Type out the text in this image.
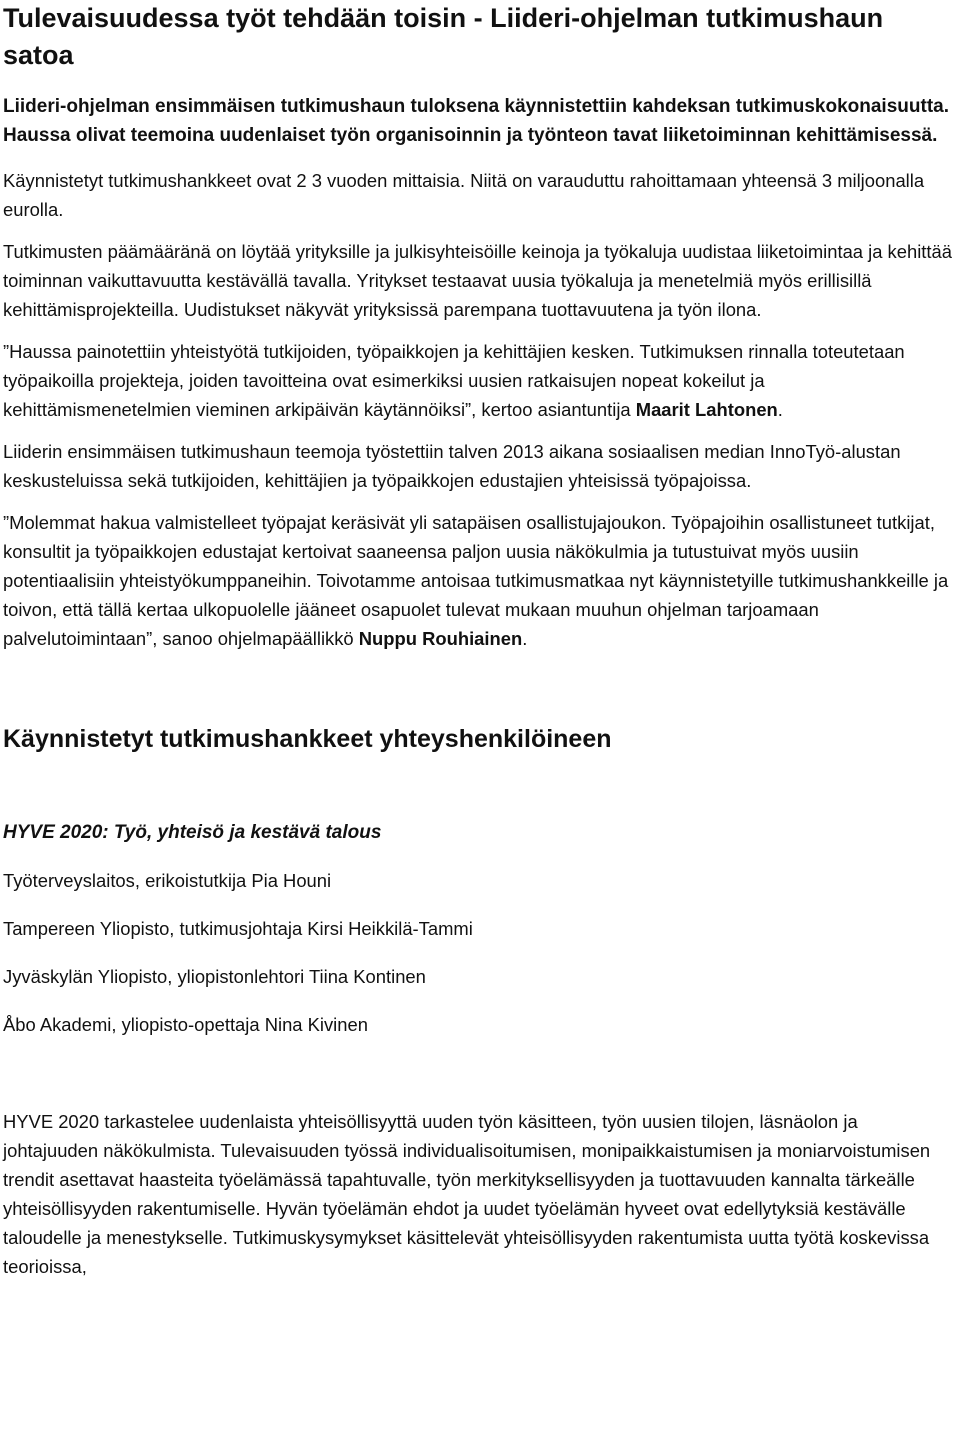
Tulevaisuudessa työt tehdään toisin - Liideri-ohjelman tutkimushaun satoa
Liideri-ohjelman ensimmäisen tutkimushaun tuloksena käynnistettiin kahdeksan tutkimuskokonaisuutta. Haussa olivat teemoina uudenlaiset työn organisoinnin ja työnteon tavat liiketoiminnan kehittämisessä.

Käynnistetyt tutkimushankkeet ovat 2 3 vuoden mittaisia. Niitä on varauduttu rahoittamaan yhteensä 3 miljoonalla eurolla.

Tutkimusten päämääränä on löytää yrityksille ja julkisyhteisöille keinoja ja työkaluja uudistaa liiketoimintaa ja kehittää toiminnan vaikuttavuutta kestävällä tavalla. Yritykset testaavat uusia työkaluja ja menetelmiä myös erillisillä kehittämisprojekteilla. Uudistukset näkyvät yrityksissä parempana tuottavuutena ja työn ilona.

”Haussa painotettiin yhteistyötä tutkijoiden, työpaikkojen ja kehittäjien kesken. Tutkimuksen rinnalla toteutetaan työpaikoilla projekteja, joiden tavoitteina ovat esimerkiksi uusien ratkaisujen nopeat kokeilut ja kehittämismenetelmien vieminen arkipäivän käytännöiksi”, kertoo asiantuntija Maarit Lahtonen.

Liiderin ensimmäisen tutkimushaun teemoja työstettiin talven 2013 aikana sosiaalisen median InnoTyö-alustan keskusteluissa sekä tutkijoiden, kehittäjien ja työpaikkojen edustajien yhteisissä työpajoissa.

”Molemmat hakua valmistelleet työpajat keräsivät yli satapäisen osallistujajoukon. Työpajoihin osallistuneet tutkijat, konsultit ja työpaikkojen edustajat kertoivat saaneensa paljon uusia näkökulmia ja tutustuivat myös uusiin potentiaalisiin yhteistyökumppaneihin. Toivotamme antoisaa tutkimusmatkaa nyt käynnistetyille tutkimushankkeille ja toivon, että tällä kertaa ulkopuolelle jääneet osapuolet tulevat mukaan muuhun ohjelman tarjoamaan palvelutoimintaan”, sanoo ohjelmapäällikkö Nuppu Rouhiainen.

Käynnistetyt tutkimushankkeet yhteyshenkilöineen
HYVE 2020: Työ, yhteisö ja kestävä talous
Työterveyslaitos, erikoistutkija Pia Houni
Tampereen Yliopisto, tutkimusjohtaja Kirsi Heikkilä-Tammi
Jyväskylän Yliopisto, yliopistonlehtori Tiina Kontinen
Åbo Akademi, yliopisto-opettaja Nina Kivinen

HYVE 2020 tarkastelee uudenlaista yhteisöllisyyttä uuden työn käsitteen, työn uusien tilojen, läsnäolon ja johtajuuden näkökulmista. Tulevaisuuden työssä individualisoitumisen, monipaikkaistumisen ja moniarvoistumisen trendit asettavat haasteita työelämässä tapahtuvalle, työn merkityksellisyyden ja tuottavuuden kannalta tärkeälle yhteisöllisyyden rakentumiselle. Hyvän työelämän ehdot ja uudet työelämän hyveet ovat edellytyksiä kestävälle taloudelle ja menestykselle. Tutkimuskysymykset käsittelevät yhteisöllisyyden rakentumista uutta työtä koskevissa teorioissa,
